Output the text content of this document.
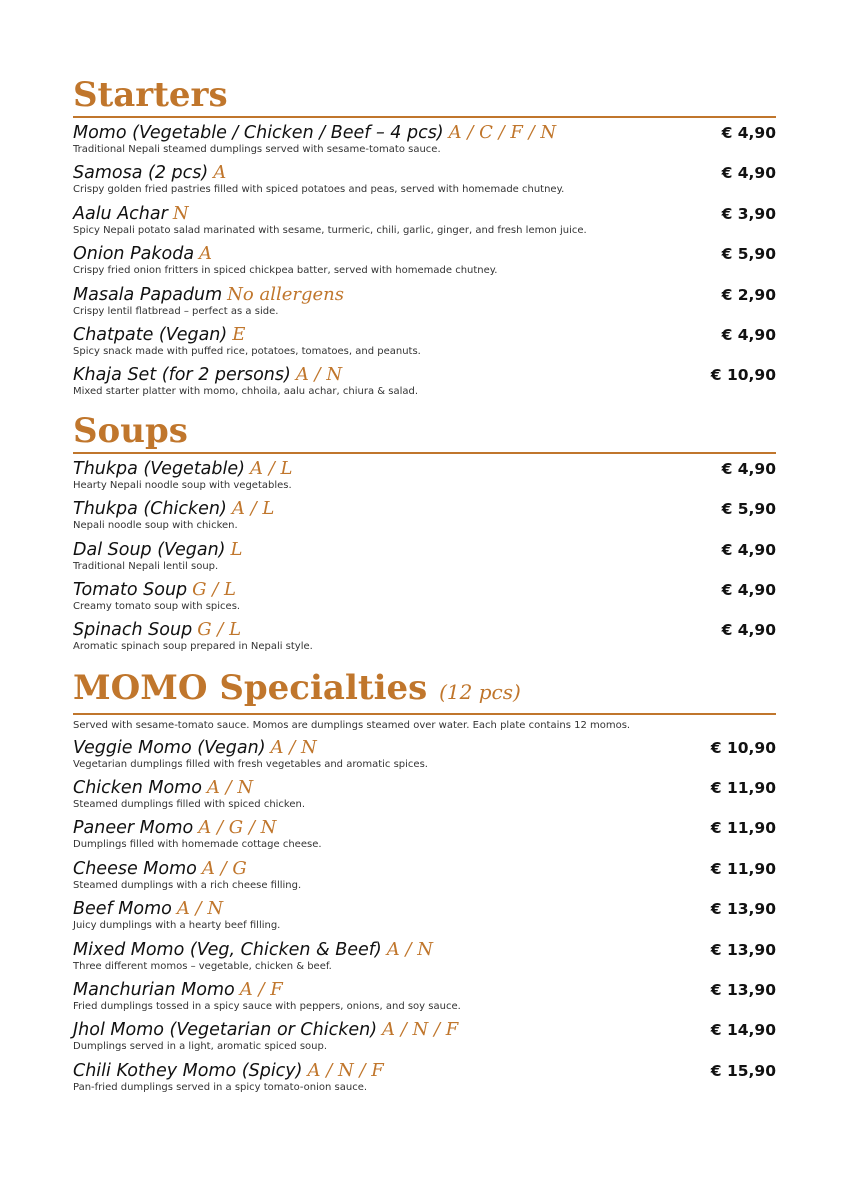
Starters
Momo (Vegetable / Chicken / Beef – 4 pcs) A / C / F / N	€ 4,90
Traditional Nepali steamed dumplings served with sesame-tomato sauce.
Samosa (2 pcs) A	€ 4,90
Crispy golden fried pastries filled with spiced potatoes and peas, served with homemade chutney.
Aalu Achar N	€ 3,90
Spicy Nepali potato salad marinated with sesame, turmeric, chili, garlic, ginger, and fresh lemon juice.
Onion Pakoda A	€ 5,90
Crispy fried onion fritters in spiced chickpea batter, served with homemade chutney.
Masala Papadum No allergens	€ 2,90
Crispy lentil flatbread – perfect as a side.
Chatpate (Vegan) E	€ 4,90
Spicy snack made with puffed rice, potatoes, tomatoes, and peanuts.
Khaja Set (for 2 persons) A / N	€ 10,90
Mixed starter platter with momo, chhoila, aalu achar, chiura & salad.
Soups
Thukpa (Vegetable) A / L	€ 4,90
Hearty Nepali noodle soup with vegetables.
Thukpa (Chicken) A / L	€ 5,90
Nepali noodle soup with chicken.
Dal Soup (Vegan) L	€ 4,90
Traditional Nepali lentil soup.
Tomato Soup G / L	€ 4,90
Creamy tomato soup with spices.
Spinach Soup G / L	€ 4,90
Aromatic spinach soup prepared in Nepali style.
MOMO Specialties (12 pcs)
Served with sesame-tomato sauce. Momos are dumplings steamed over water. Each plate contains 12 momos.
Veggie Momo (Vegan) A / N	€ 10,90
Vegetarian dumplings filled with fresh vegetables and aromatic spices.
Chicken Momo A / N	€ 11,90
Steamed dumplings filled with spiced chicken.
Paneer Momo A / G / N	€ 11,90
Dumplings filled with homemade cottage cheese.
Cheese Momo A / G	€ 11,90
Steamed dumplings with a rich cheese filling.
Beef Momo A / N	€ 13,90
Juicy dumplings with a hearty beef filling.
Mixed Momo (Veg, Chicken & Beef) A / N	€ 13,90
Three different momos – vegetable, chicken & beef.
Manchurian Momo A / F	€ 13,90
Fried dumplings tossed in a spicy sauce with peppers, onions, and soy sauce.
Jhol Momo (Vegetarian or Chicken) A / N / F	€ 14,90
Dumplings served in a light, aromatic spiced soup.
Chili Kothey Momo (Spicy) A / N / F	€ 15,90
Pan-fried dumplings served in a spicy tomato-onion sauce.
